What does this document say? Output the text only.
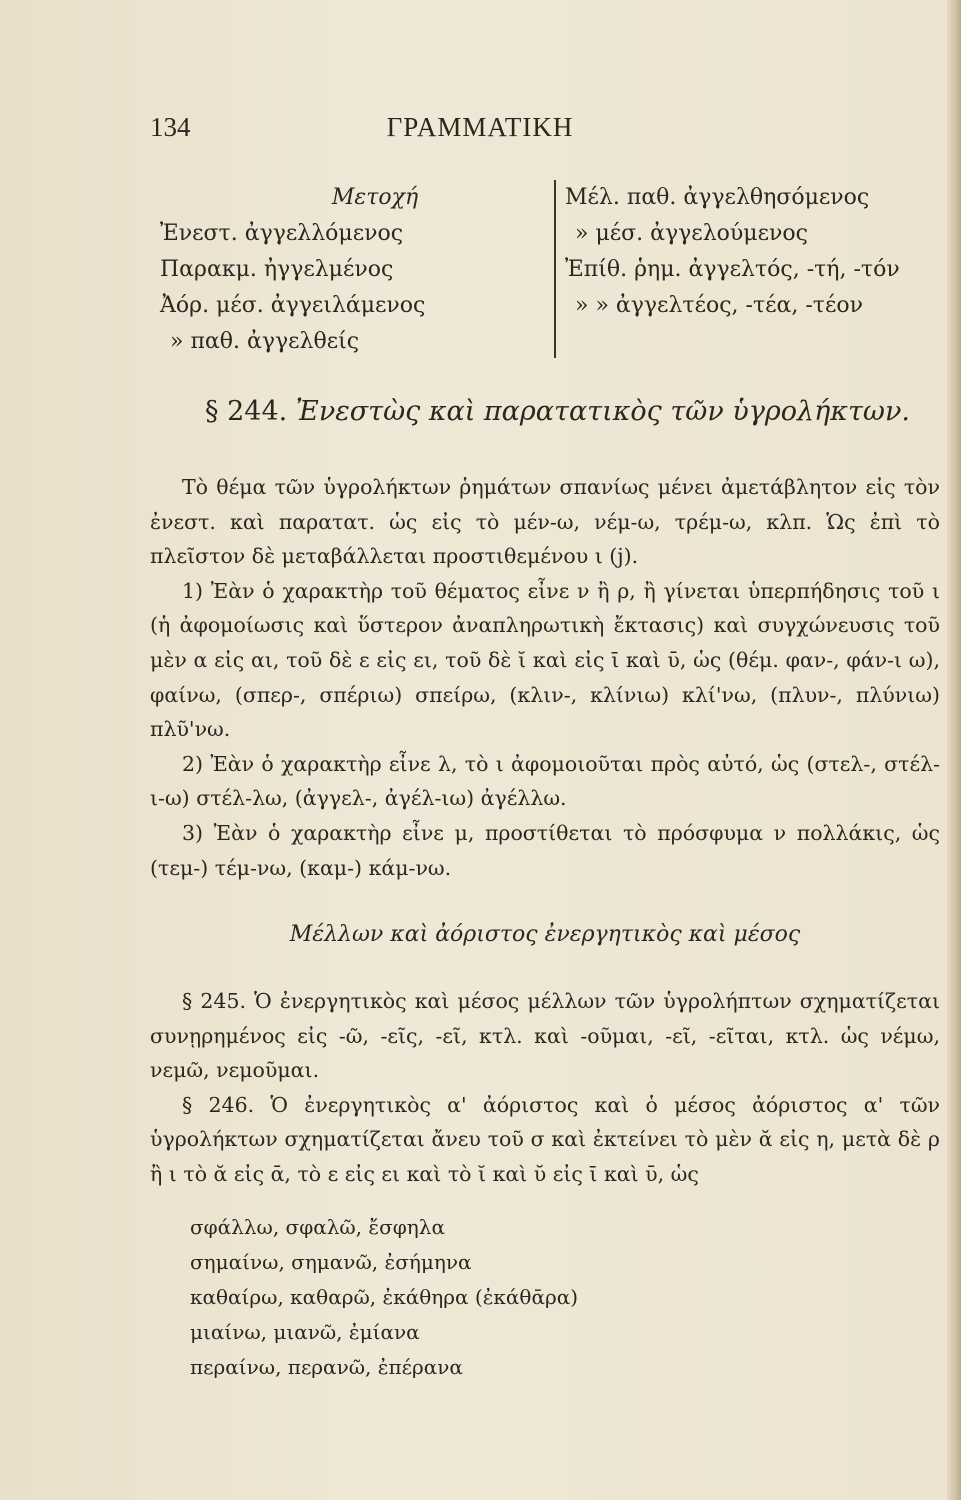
134	ΓΡΑΜΜΑΤΙΚΗ
Μετοχή
Ἐνεστ. ἀγγελλόμενος
Παρακμ. ἠγγελμένος
Ἀόρ. μέσ. ἀγγειλάμενος
» παθ. ἀγγελθείς
Μέλ. παθ. ἀγγελθησόμενος
» μέσ. ἀγγελούμενος
Ἐπίθ. ῥημ. ἀγγελτός, -τή, -τόν
» » ἀγγελτέος, -τέα, -τέον
§ 244. Ἐνεστὼς καὶ παρατατικὸς τῶν ὑγρολήκτων.

Τὸ θέμα τῶν ὑγρολήκτων ῥημάτων σπανίως μένει ἀμετάβλητον εἰς τὸν ἐνεστ. καὶ παρατατ. ὡς εἰς τὸ μέν-ω, νέμ-ω, τρέμ-ω, κλπ. Ὡς ἐπὶ τὸ πλεῖστον δὲ μεταβάλλεται προστιθεμένου ι (j).

1) Ἐὰν ὁ χαρακτὴρ τοῦ θέματος εἶνε ν ἢ ρ, ἢ γίνεται ὑπερπήδησις τοῦ ι (ἡ ἀφομοίωσις καὶ ὕστερον ἀναπληρωτικὴ ἔκτασις) καὶ συγχώνευσις τοῦ μὲν α εἰς αι, τοῦ δὲ ε εἰς ει, τοῦ δὲ ῐ καὶ εἰς ῑ καὶ ῡ, ὡς (θέμ. φαν-, φάν-ι ω), φαίνω, (σπερ-, σπέριω) σπείρω, (κλιν-, κλίνιω) κλί'νω, (πλυν-, πλύνιω) πλῦ'νω.

2) Ἐὰν ὁ χαρακτὴρ εἶνε λ, τὸ ι ἀφομοιοῦται πρὸς αὐτό, ὡς (στελ-, στέλ-ι-ω) στέλ-λω, (ἀγγελ-, ἀγέλ-ιω) ἀγέλλω.

3) Ἐὰν ὁ χαρακτὴρ εἶνε μ, προστίθεται τὸ πρόσφυμα ν πολλάκις, ὡς (τεμ-) τέμ-νω, (καμ-) κάμ-νω.

Μέλλων καὶ ἀόριστος ἐνεργητικὸς καὶ μέσος

§ 245. Ὁ ἐνεργητικὸς καὶ μέσος μέλλων τῶν ὑγρολήπτων σχηματίζεται συνῃρημένος εἰς -ῶ, -εῖς, -εῖ, κτλ. καὶ -οῦμαι, -εῖ, -εῖται, κτλ. ὡς νέμω, νεμῶ, νεμοῦμαι.

§ 246. Ὁ ἐνεργητικὸς α' ἀόριστος καὶ ὁ μέσος ἀόριστος α' τῶν ὑγρολήκτων σχηματίζεται ἄνευ τοῦ σ καὶ ἐκτείνει τὸ μὲν ᾰ εἰς η, μετὰ δὲ ρ ἢ ι τὸ ᾰ εἰς ᾱ, τὸ ε εἰς ει καὶ τὸ ῐ καὶ ῠ εἰς ῑ καὶ ῡ, ὡς

σφάλλω, σφαλῶ, ἔσφηλα
σημαίνω, σημανῶ, ἐσήμηνα
καθαίρω, καθαρῶ, ἐκάθηρα (ἐκάθᾱρα)
μιαίνω, μιανῶ, ἐμίανα
περαίνω, περανῶ, ἐπέρανα
